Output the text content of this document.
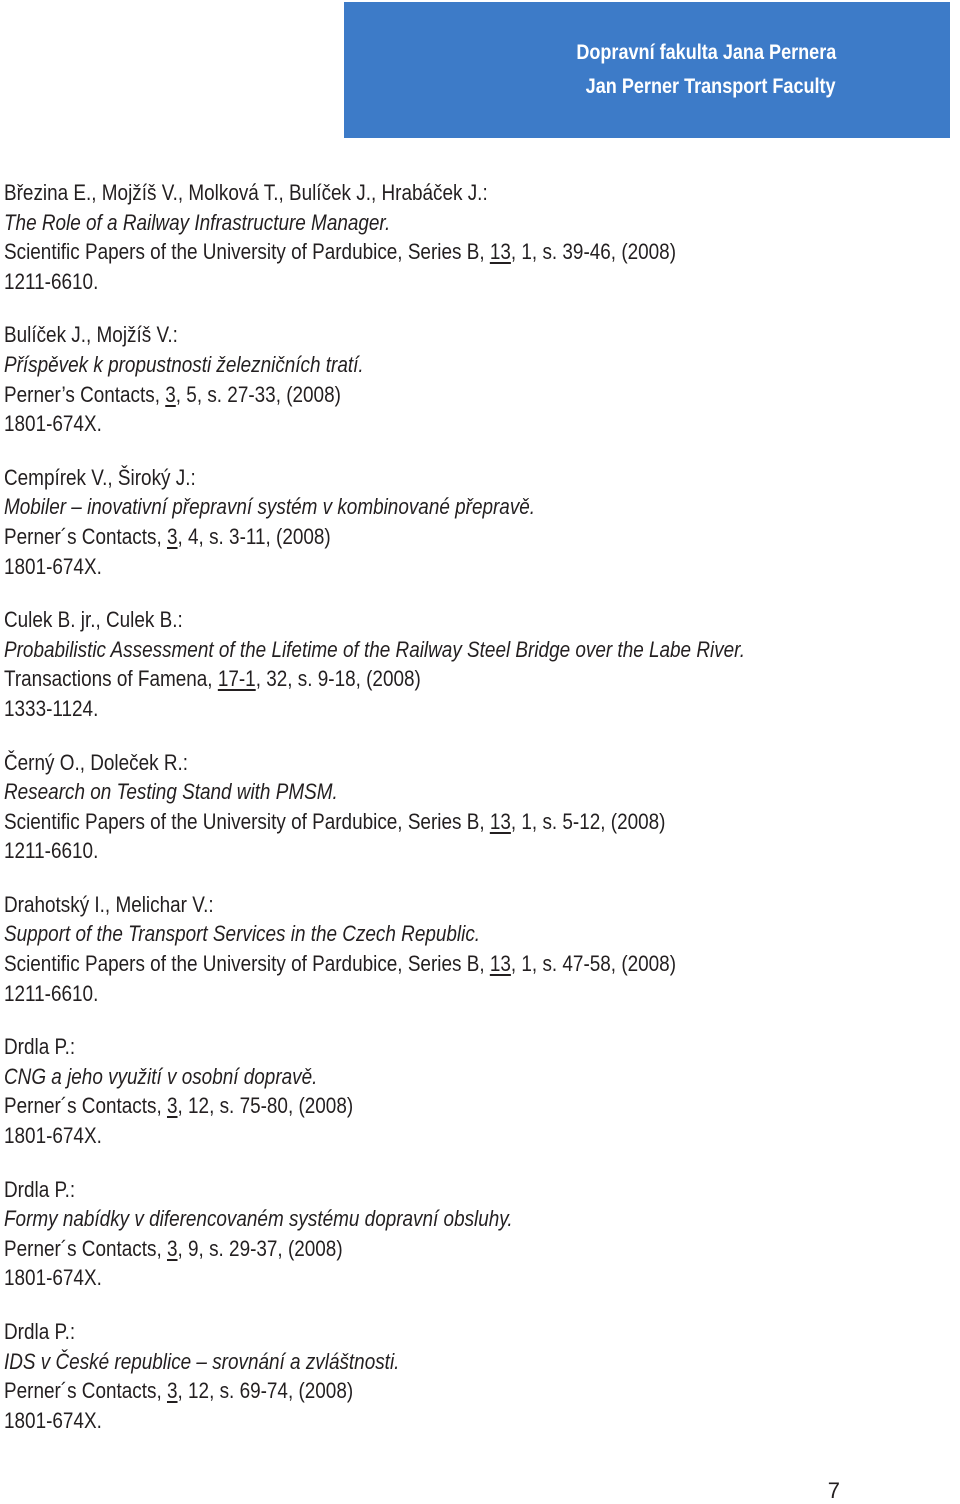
Dopravní fakulta Jana Pernera
Jan Perner Transport Faculty
Březina E., Mojžíš V., Molková T., Bulíček J., Hrabáček J.:
The Role of a Railway Infrastructure Manager.
Scientific Papers of the University of Pardubice, Series B, 13, 1, s. 39-46, (2008)
1211-6610.
Bulíček J., Mojžíš V.:
Příspěvek k propustnosti železničních tratí.
Perner’s Contacts, 3, 5, s. 27-33, (2008)
1801-674X.
Cempírek V., Široký J.:
Mobiler – inovativní přepravní systém v kombinované přepravě.
Perner´s Contacts, 3, 4, s. 3-11, (2008)
1801-674X.
Culek B. jr., Culek B.:
Probabilistic Assessment of the Lifetime of the Railway Steel Bridge over the Labe River.
Transactions of Famena, 17-1, 32, s. 9-18, (2008)
1333-1124.
Černý O., Doleček R.:
Research on Testing Stand with PMSM.
Scientific Papers of the University of Pardubice, Series B, 13, 1, s. 5-12, (2008)
1211-6610.
Drahotský I., Melichar V.:
Support of the Transport Services in the Czech Republic.
Scientific Papers of the University of Pardubice, Series B, 13, 1, s. 47-58, (2008)
1211-6610.
Drdla P.:
CNG a jeho využití v osobní dopravě.
Perner´s Contacts, 3, 12, s. 75-80, (2008)
1801-674X.
Drdla P.:
Formy nabídky v diferencovaném systému dopravní obsluhy.
Perner´s Contacts, 3, 9, s. 29-37, (2008)
1801-674X.
Drdla P.:
IDS v České republice – srovnání a zvláštnosti.
Perner´s Contacts, 3, 12, s. 69-74, (2008)
1801-674X.
7
